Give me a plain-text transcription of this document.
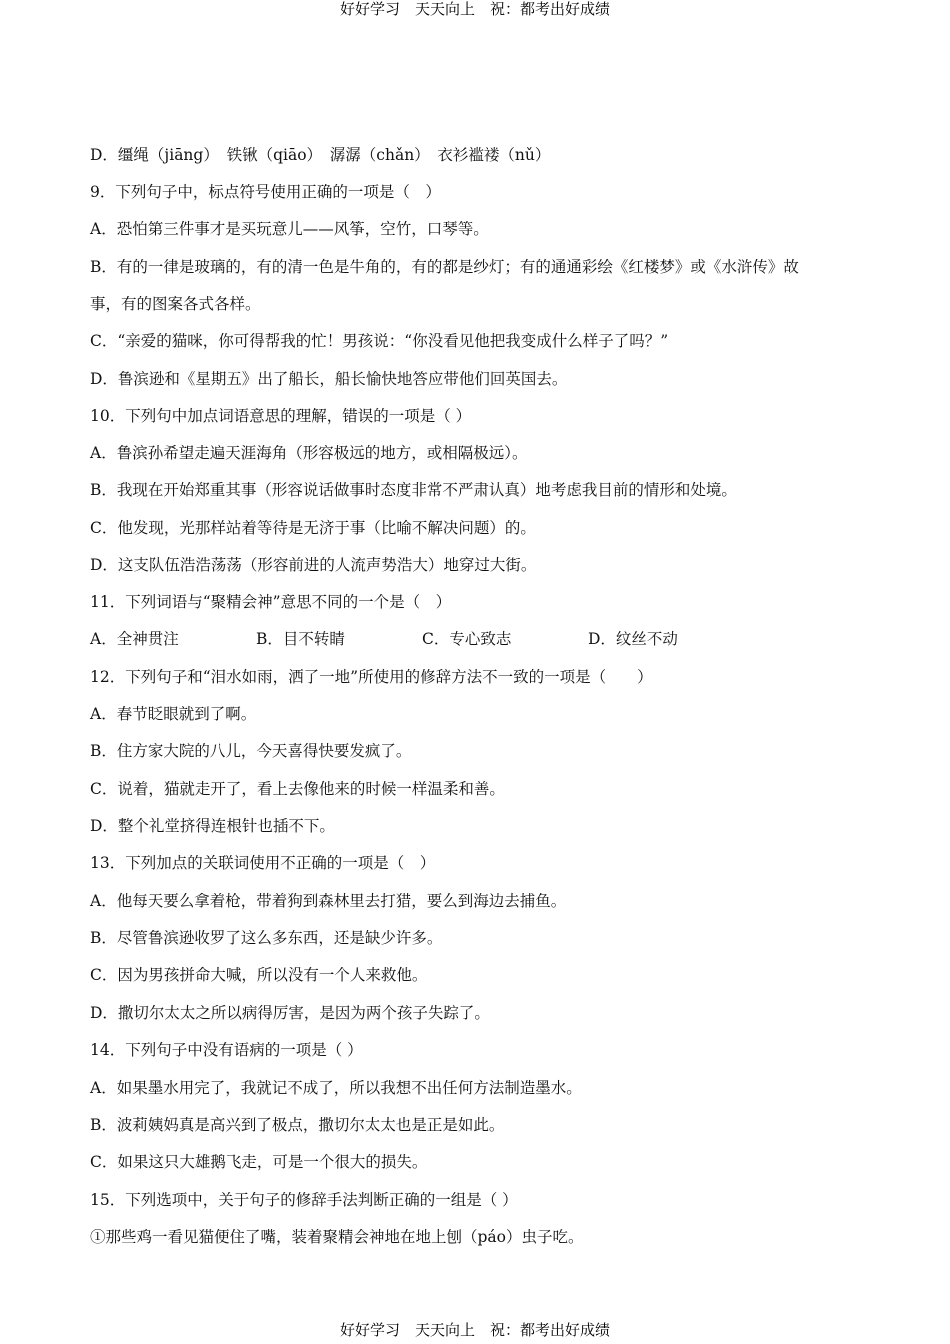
好好学习　天天向上　祝：都考出好成绩
D．缰绳（jiāng）　铁锹（qiāo）　潺潺（chǎn）　衣衫褴褛（nǔ）
9．下列句子中，标点符号使用正确的一项是（　）
A．恐怕第三件事才是买玩意儿——风筝，空竹，口琴等。
B．有的一律是玻璃的，有的清一色是牛角的，有的都是纱灯；有的通通彩绘《红楼梦》或《水浒传》故
事，有的图案各式各样。
C．“亲爱的猫咪，你可得帮我的忙！男孩说：“你没看见他把我变成什么样子了吗？”
D．鲁滨逊和《星期五》出了船长，船长愉快地答应带他们回英国去。
10．下列句中加点词语意思的理解，错误的一项是（ ）
A．鲁滨孙希望走遍天涯海角（形容极远的地方，或相隔极远）。
B．我现在开始郑重其事（形容说话做事时态度非常不严肃认真）地考虑我目前的情形和处境。
C．他发现，光那样站着等待是无济于事（比喻不解决问题）的。
D．这支队伍浩浩荡荡（形容前进的人流声势浩大）地穿过大街。
11．下列词语与“聚精会神”意思不同的一个是（　）
A．全神贯注	B．目不转睛	C．专心致志	D．纹丝不动
12．下列句子和“泪水如雨，洒了一地”所使用的修辞方法不一致的一项是（　　）
A．春节眨眼就到了啊。
B．住方家大院的八儿，今天喜得快要发疯了。
C．说着，猫就走开了，看上去像他来的时候一样温柔和善。
D．整个礼堂挤得连根针也插不下。
13．下列加点的关联词使用不正确的一项是（　）
A．他每天要么拿着枪，带着狗到森林里去打猎，要么到海边去捕鱼。
B．尽管鲁滨逊收罗了这么多东西，还是缺少许多。
C．因为男孩拼命大喊，所以没有一个人来救他。
D．撒切尔太太之所以病得厉害，是因为两个孩子失踪了。
14．下列句子中没有语病的一项是（ ）
A．如果墨水用完了，我就记不成了，所以我想不出任何方法制造墨水。
B．波莉姨妈真是高兴到了极点，撒切尔太太也是正是如此。
C．如果这只大雄鹅飞走，可是一个很大的损失。
15．下列选项中，关于句子的修辞手法判断正确的一组是（ ）
①那些鸡一看见猫便住了嘴，装着聚精会神地在地上刨（páo）虫子吃。
好好学习　天天向上　祝：都考出好成绩
